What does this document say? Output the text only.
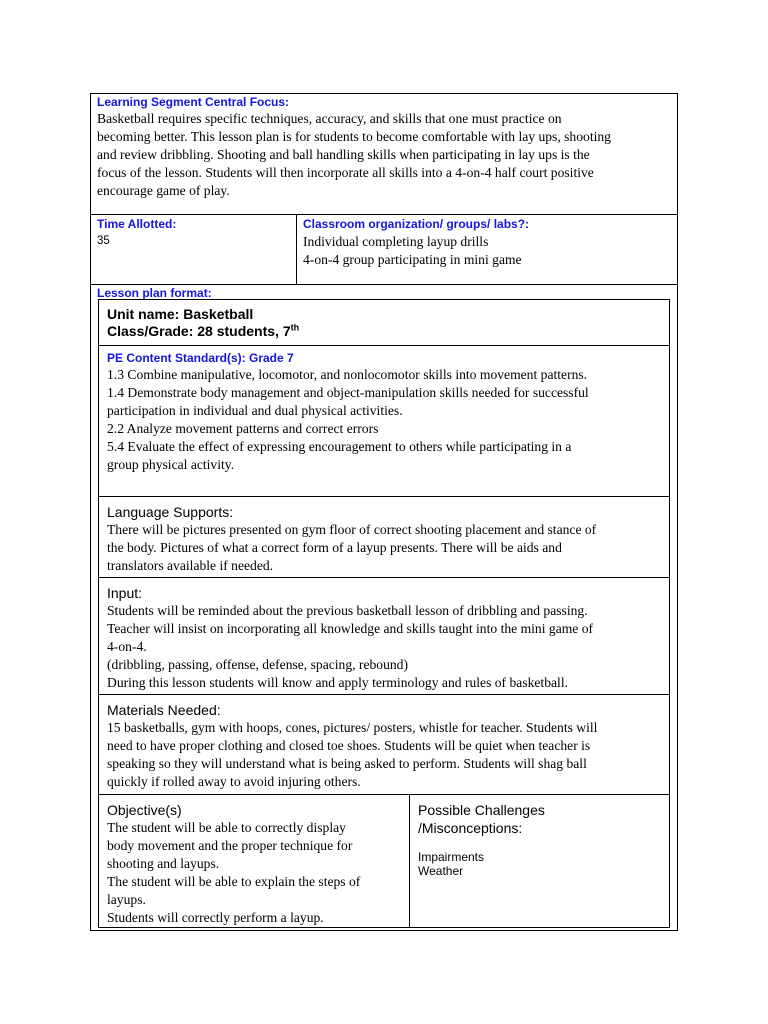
Learning Segment Central Focus:

Basketball requires specific techniques, accuracy, and skills that one must practice on

becoming better. This lesson plan is for students to become comfortable with lay ups, shooting

and review dribbling. Shooting and ball handling skills when participating in lay ups is the

focus of the lesson. Students will then incorporate all skills into a 4-on-4 half court positive

encourage game of play.

Time Allotted:

35

Classroom organization/ groups/ labs?:

Individual completing layup drills

4-on-4 group participating in mini game

Lesson plan format:

Unit name: Basketball

Class/Grade: 28 students, 7th

PE Content Standard(s): Grade 7

1.3 Combine manipulative, locomotor, and nonlocomotor skills into movement patterns.

1.4 Demonstrate body management and object-manipulation skills needed for successful

participation in individual and dual physical activities.

2.2 Analyze movement patterns and correct errors

5.4 Evaluate the effect of expressing encouragement to others while participating in a

group physical activity.

Language Supports:

There will be pictures presented on gym floor of correct shooting placement and stance of

the body. Pictures of what a correct form of a layup presents. There will be aids and

translators available if needed.

Input:

Students will be reminded about the previous basketball lesson of dribbling and passing.

Teacher will insist on incorporating all knowledge and skills taught into the mini game of

4-on-4.

(dribbling, passing, offense, defense, spacing, rebound)

During this lesson students will know and apply terminology and rules of basketball.

Materials Needed:

15 basketballs, gym with hoops, cones, pictures/ posters, whistle for teacher. Students will

need to have proper clothing and closed toe shoes. Students will be quiet when teacher is

speaking so they will understand what is being asked to perform. Students will shag ball

quickly if rolled away to avoid injuring others.

Objective(s)

The student will be able to correctly display

body movement and the proper technique for

shooting and layups.

The student will be able to explain the steps of

layups.

Students will correctly perform a layup.

Possible Challenges

/Misconceptions:

Impairments

Weather
